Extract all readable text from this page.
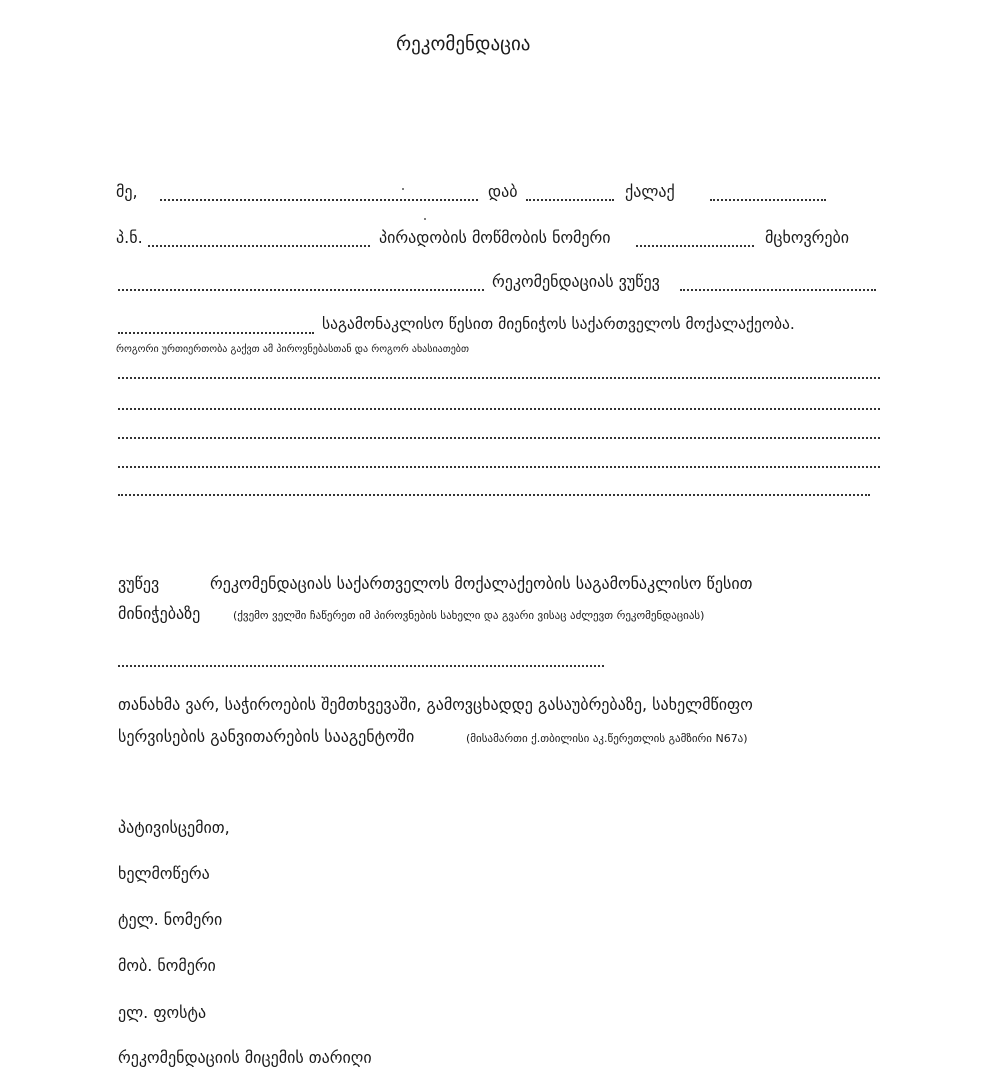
რეკომენდაცია
მე,	დაბ	ქალაქ
პ.ნ.	პირადობის მოწმობის ნომერი	მცხოვრები
რეკომენდაციას ვუწევ
საგამონაკლისო წესით მიენიჭოს საქართველოს მოქალაქეობა.
როგორი ურთიერთობა გაქვთ ამ პიროვნებასთან და როგორ ახასიათებთ
ვუწევ	რეკომენდაციას საქართველოს მოქალაქეობის საგამონაკლისო წესით
მინიჭებაზე	(ქვემო ველში ჩაწერეთ იმ პიროვნების სახელი და გვარი ვისაც აძლევთ რეკომენდაციას)
თანახმა ვარ, საჭიროების შემთხვევაში, გამოვცხადდე გასაუბრებაზე, სახელმწიფო
სერვისების განვითარების სააგენტოში	(მისამართი ქ.თბილისი აკ.წერეთლის გამზირი N67ა)
პატივისცემით,
ხელმოწერა
ტელ. ნომერი
მობ. ნომერი
ელ. ფოსტა
რეკომენდაციის მიცემის თარიღი
